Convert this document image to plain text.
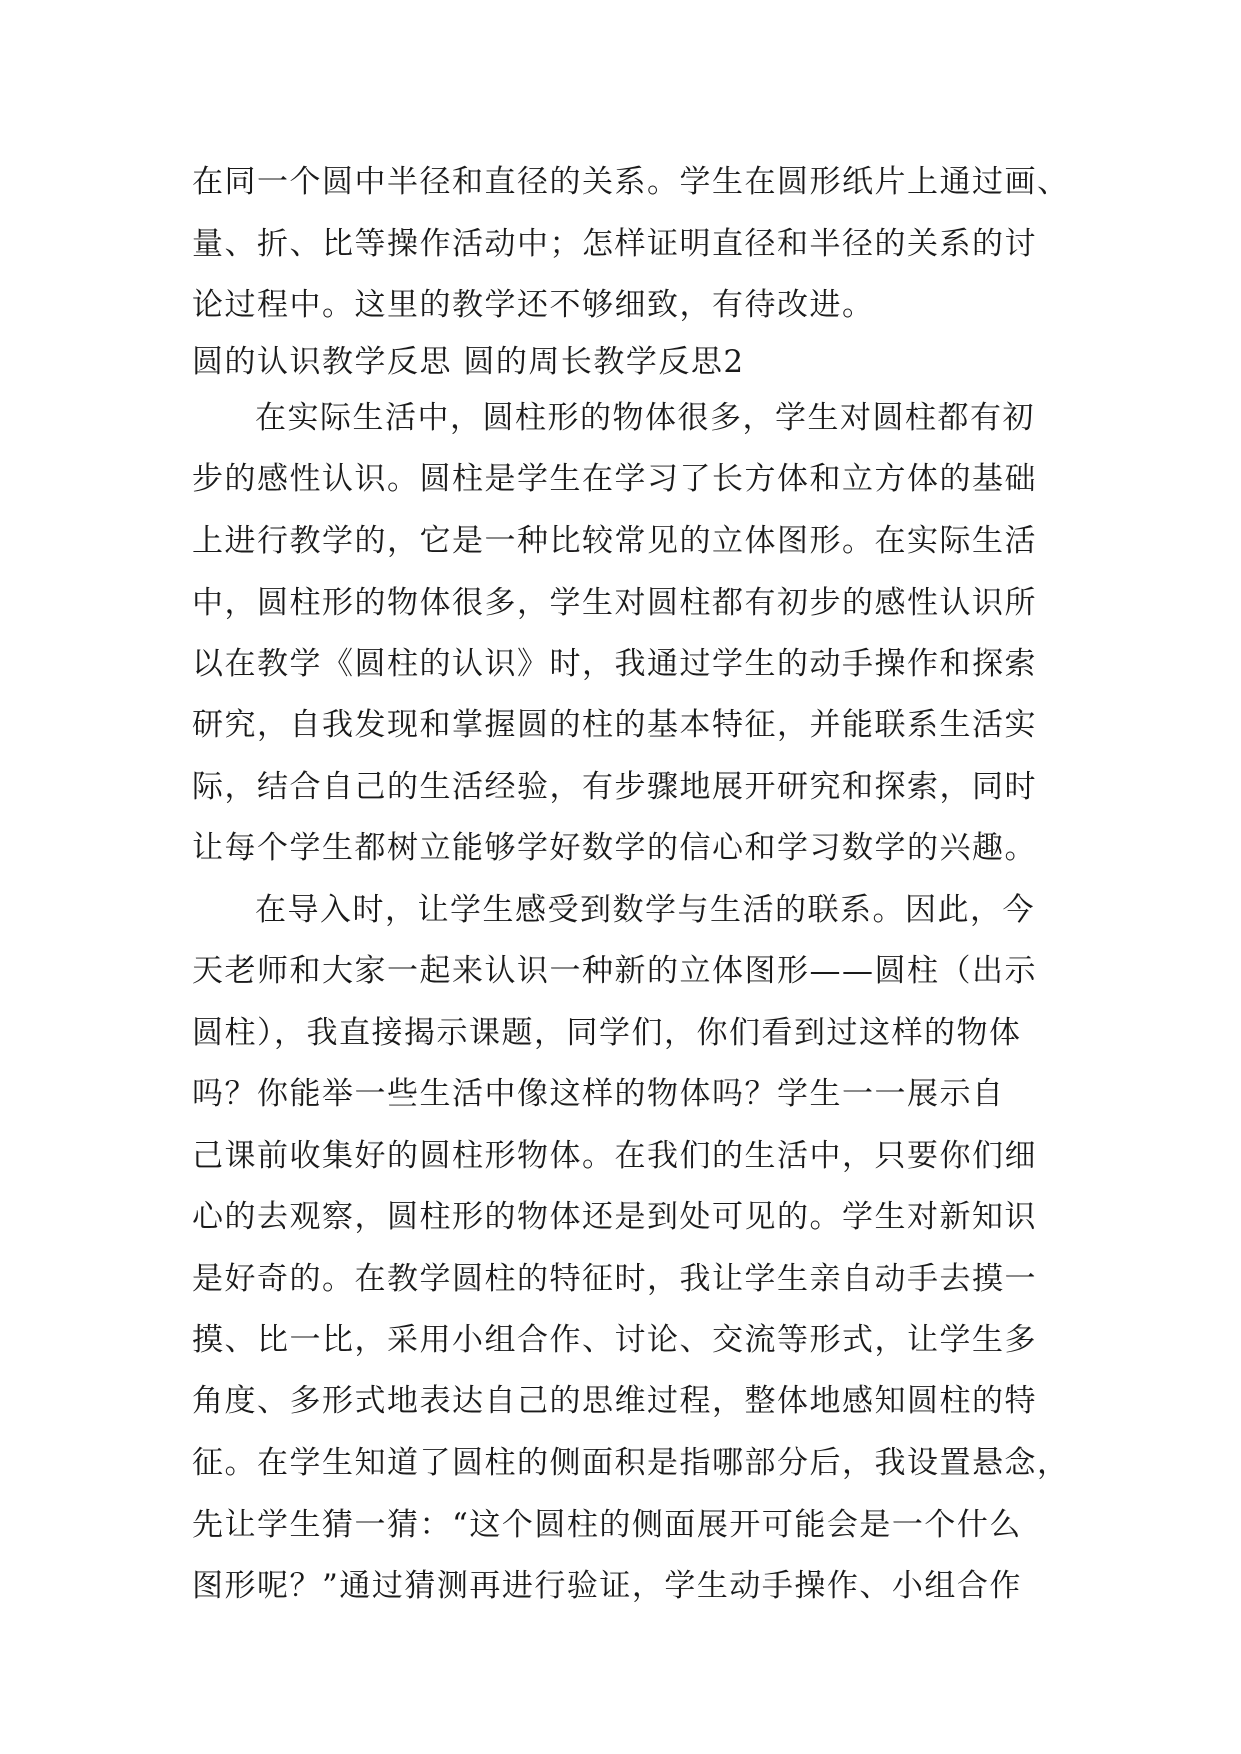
在同一个圆中半径和直径的关系。学生在圆形纸片上通过画、
量、折、比等操作活动中；怎样证明直径和半径的关系的讨
论过程中。这里的教学还不够细致，有待改进。
圆的认识教学反思 圆的周长教学反思2
在实际生活中，圆柱形的物体很多，学生对圆柱都有初
步的感性认识。圆柱是学生在学习了长方体和立方体的基础
上进行教学的，它是一种比较常见的立体图形。在实际生活
中，圆柱形的物体很多，学生对圆柱都有初步的感性认识所
以在教学《圆柱的认识》时，我通过学生的动手操作和探索
研究，自我发现和掌握圆的柱的基本特征，并能联系生活实
际，结合自己的生活经验，有步骤地展开研究和探索，同时
让每个学生都树立能够学好数学的信心和学习数学的兴趣。
在导入时，让学生感受到数学与生活的联系。因此，今
天老师和大家一起来认识一种新的立体图形——圆柱（出示
圆柱），我直接揭示课题，同学们，你们看到过这样的物体
吗？你能举一些生活中像这样的物体吗？学生一一展示自
己课前收集好的圆柱形物体。在我们的生活中，只要你们细
心的去观察，圆柱形的物体还是到处可见的。学生对新知识
是好奇的。在教学圆柱的特征时，我让学生亲自动手去摸一
摸、比一比，采用小组合作、讨论、交流等形式，让学生多
角度、多形式地表达自己的思维过程，整体地感知圆柱的特
征。在学生知道了圆柱的侧面积是指哪部分后，我设置悬念，
先让学生猜一猜：“这个圆柱的侧面展开可能会是一个什么
图形呢？”通过猜测再进行验证，学生动手操作、小组合作
